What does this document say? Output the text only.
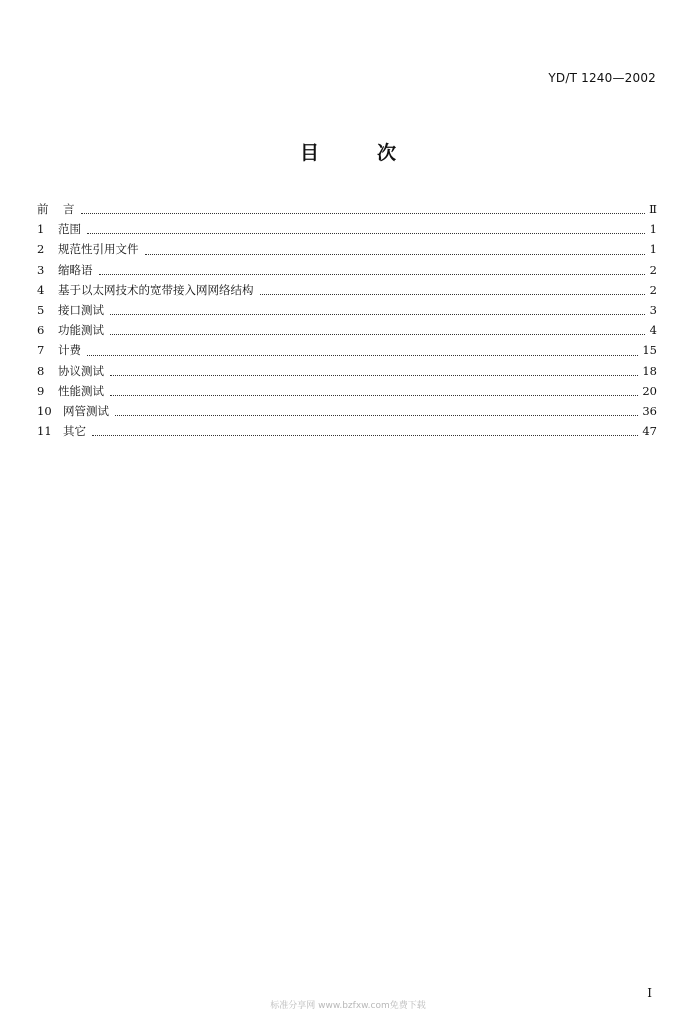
YD/T 1240—2002
目	次
前	言	Ⅱ
1	范围	1
2	规范性引用文件	1
3	缩略语	2
4	基于以太网技术的宽带接入网网络结构	2
5	接口测试	3
6	功能测试	4
7	计费	15
8	协议测试	18
9	性能测试	20
10 网管测试	36
11 其它	47
I
标准分享网 www.bzfxw.com免费下载
